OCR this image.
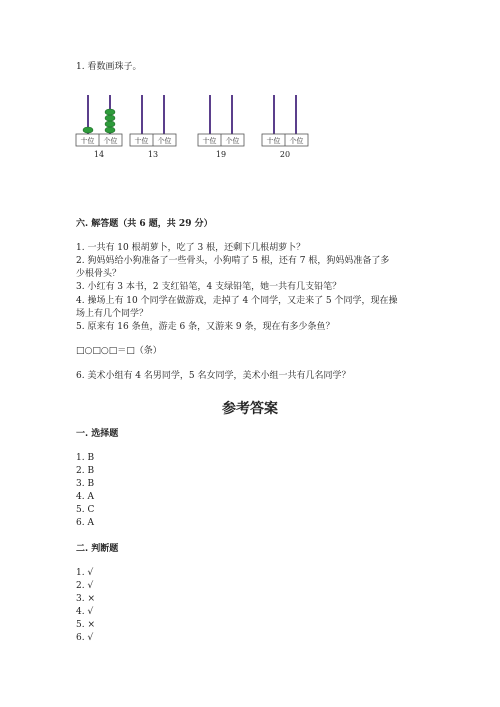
1. 看数画珠子。
十位 个位
14
十位 个位
13
十位 个位
19
十位 个位
20
六. 解答题（共 6 题，共 29 分）
1. 一共有 10 根胡萝卜，吃了 3 根，还剩下几根胡萝卜？
2. 狗妈妈给小狗准备了一些骨头，小狗啃了 5 根，还有 7 根，狗妈妈准备了多
少根骨头？
3. 小红有 3 本书，2 支红铅笔，4 支绿铅笔，她一共有几支铅笔？
4. 操场上有 10 个同学在做游戏，走掉了 4 个同学，又走来了 5 个同学，现在操
场上有几个同学？
5. 原来有 16 条鱼，游走 6 条，又游来 9 条，现在有多少条鱼？
□○□○□＝□（条）
6. 美术小组有 4 名男同学，5 名女同学，美术小组一共有几名同学？
参考答案
一. 选择题
1. B
2. B
3. B
4. A
5. C
6. A
二. 判断题
1. √
2. √
3. ×
4. √
5. ×
6. √
